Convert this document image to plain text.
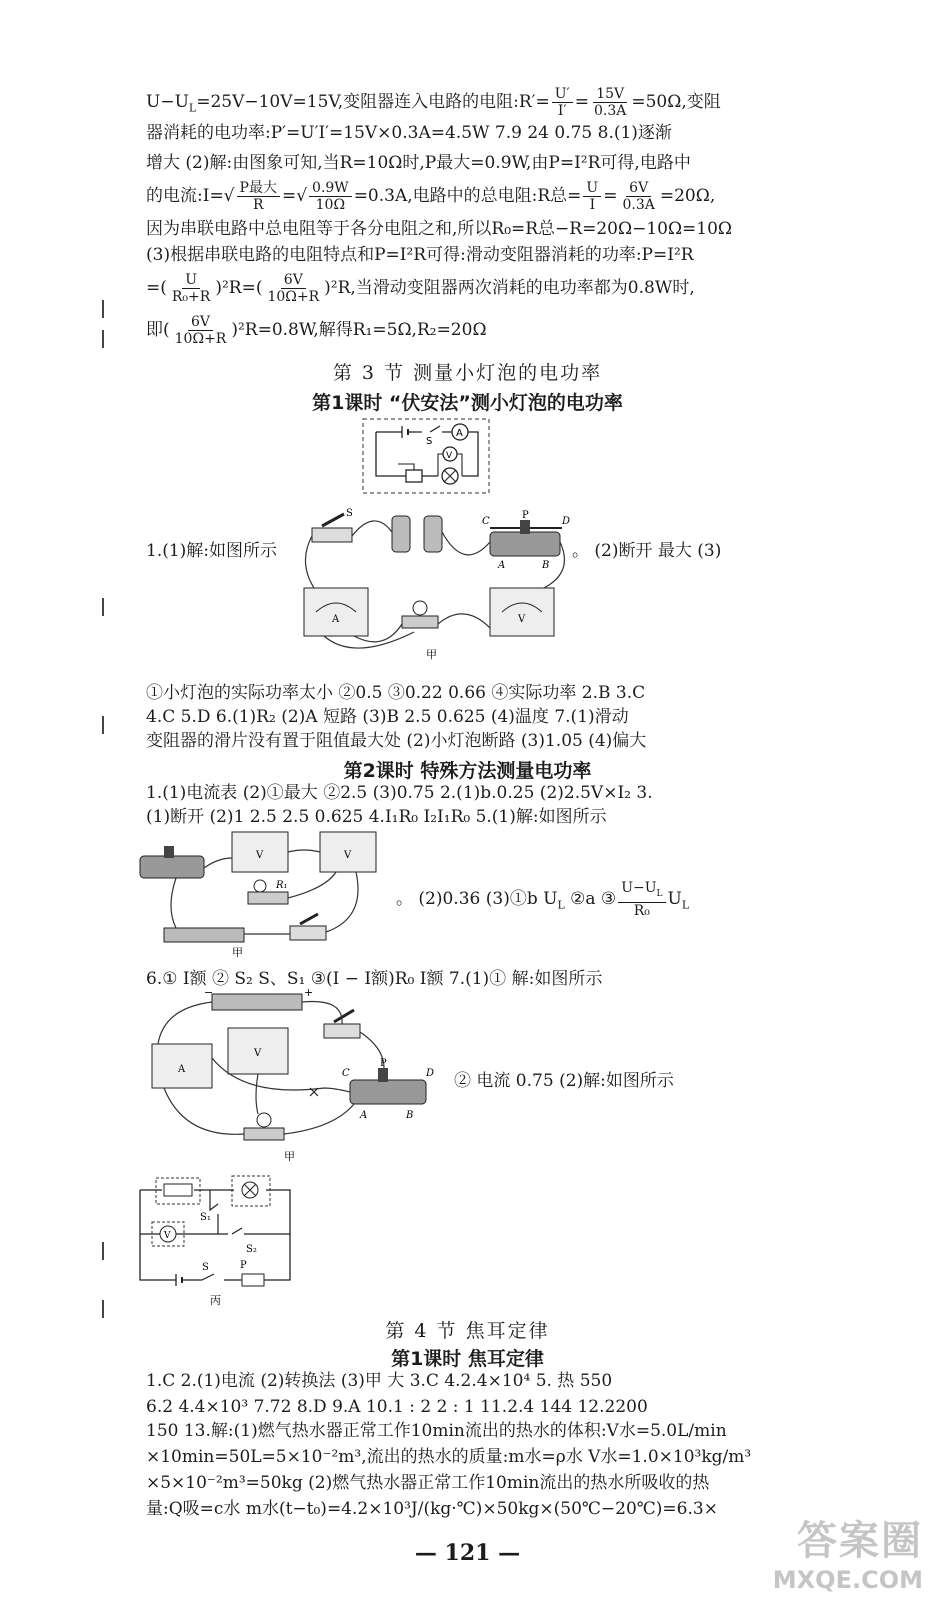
$U-U_L=25V-10V=15V$,变阻器连入电路的电阻:R′= $\frac{U'}{I'} = \frac{15V}{0.3A} =50\Omega$,变阻
器消耗的电功率:P′=U′I′=15V×0.3A=4.5W 7.9 24 0.75 8.(1)逐渐
增大 (2)解:由图象可知,当R=10Ω时,P最大=0.9W,由P=I²R可得,电路中
的电流:I=√ $\frac{\text{P最大}}{R}$ =√ $\frac{0.9W}{10\Omega} =0.3A$,电路中的总电阻:R总= $\frac{U}{I} = \frac{6V}{0.3A} =20\Omega$,
因为串联电路中总电阻等于各分电阻之和,所以R₀=R总−R=20Ω−10Ω=10Ω
(3)根据串联电路的电阻特点和P=I²R可得:滑动变阻器消耗的功率:P=I²R
=( $\frac{U}{\text{R₀+R}} )^2R=( \frac{6V}{10\Omega+R} )^2R$,当滑动变阻器两次消耗的电功率都为0.8W时,
即( $\frac{6V}{10\Omega+R} )^2R=0.8W$,解得R₁=5Ω,R₂=20Ω
第 3 节 测量小灯泡的电功率
第1课时 “伏安法”测小灯泡的电功率
A
S
V
1.(1)解:如图所示	。 (2)断开 最大 (3)
S	P
C	D
A	B
A	V
甲
①小灯泡的实际功率太小 ②0.5 ③0.22 0.66 ④实际功率 2.B 3.C
4.C 5.D 6.(1)R₂ (2)A 短路 (3)B 2.5 0.625 (4)温度 7.(1)滑动
变阻器的滑片没有置于阻值最大处 (2)小灯泡断路 (3)1.05 (4)偏大
第2课时 特殊方法测量电功率
1.(1)电流表 (2)①最大 ②2.5 (3)0.75 2.(1)b.0.25 (2)2.5V×I₂ 3.
(1)断开 (2)1 2.5 2.5 0.625 4.I₁R₀ I₂I₁R₀ 5.(1)解:如图所示
V	V
R₁
甲
。 (2)0.36 (3)①b $U_L$ ②a ③ $\frac{U-U_L}{\text{R₀}} U_L$
6.① I额 ② S₂ S、S₁ ③(I − I额)R₀ I额 7.(1)① 解:如图所示
−	+
A
V
P
C	D
A	B
甲
② 电流 0.75 (2)解:如图所示
V
S₁
S₂
S	P
丙
第 4 节 焦耳定律
第1课时 焦耳定律
1.C 2.(1)电流 (2)转换法 (3)甲 大 3.C 4.2.4×10⁴ 5. 热 550
6.2 4.4×10³ 7.72 8.D 9.A 10.1 : 2 2 : 1 11.2.4 144 12.2200
150 13.解:(1)燃气热水器正常工作10min流出的热水的体积:V水=5.0L/min
×10min=50L=5×10⁻²m³,流出的热水的质量:m水=ρ水 V水=1.0×10³kg/m³
×5×10⁻²m³=50kg (2)燃气热水器正常工作10min流出的热水所吸收的热
量:Q吸=c水 m水(t−t₀)=4.2×10³J/(kg·℃)×50kg×(50℃−20℃)=6.3×
— 121 —	答案圈
MXQE.COM
